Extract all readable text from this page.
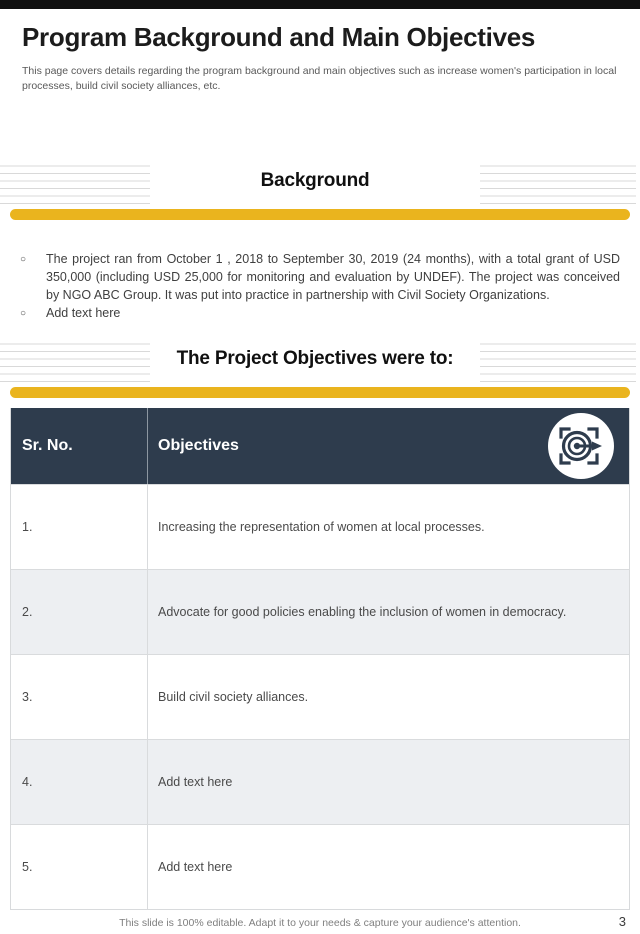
Program Background and Main Objectives

This page covers details regarding the program background and main objectives such as increase women's participation in local processes, build civil society alliances, etc.

Background
○	The project ran from October 1 , 2018 to September 30, 2019 (24 months), with a total grant of USD 350,000 (including USD 25,000 for monitoring and evaluation by UNDEF). The project was conceived by NGO ABC Group. It was put into practice in partnership with Civil Society Organizations.
○	Add text here
The Project Objectives were to:
Sr. No.	Objectives
1.	Increasing the representation of women at local processes.
2.	Advocate for good policies enabling the inclusion of women in democracy.
3.	Build civil society alliances.
4.	Add text here
5.	Add text here
This slide is 100% editable. Adapt it to your needs & capture your audience's attention.	3
